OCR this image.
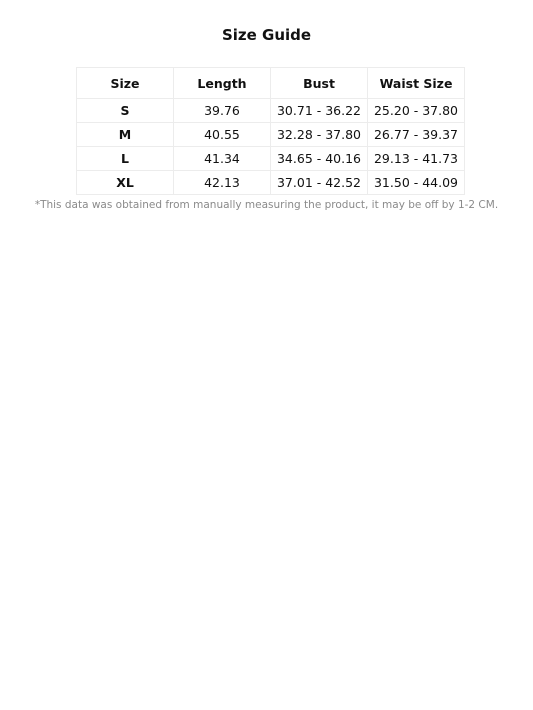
Size Guide
Size	Length	Bust	Waist Size
S	39.76	30.71 - 36.22	25.20 - 37.80
M	40.55	32.28 - 37.80	26.77 - 39.37
L	41.34	34.65 - 40.16	29.13 - 41.73
XL	42.13	37.01 - 42.52	31.50 - 44.09
*This data was obtained from manually measuring the product, it may be off by 1-2 CM.
